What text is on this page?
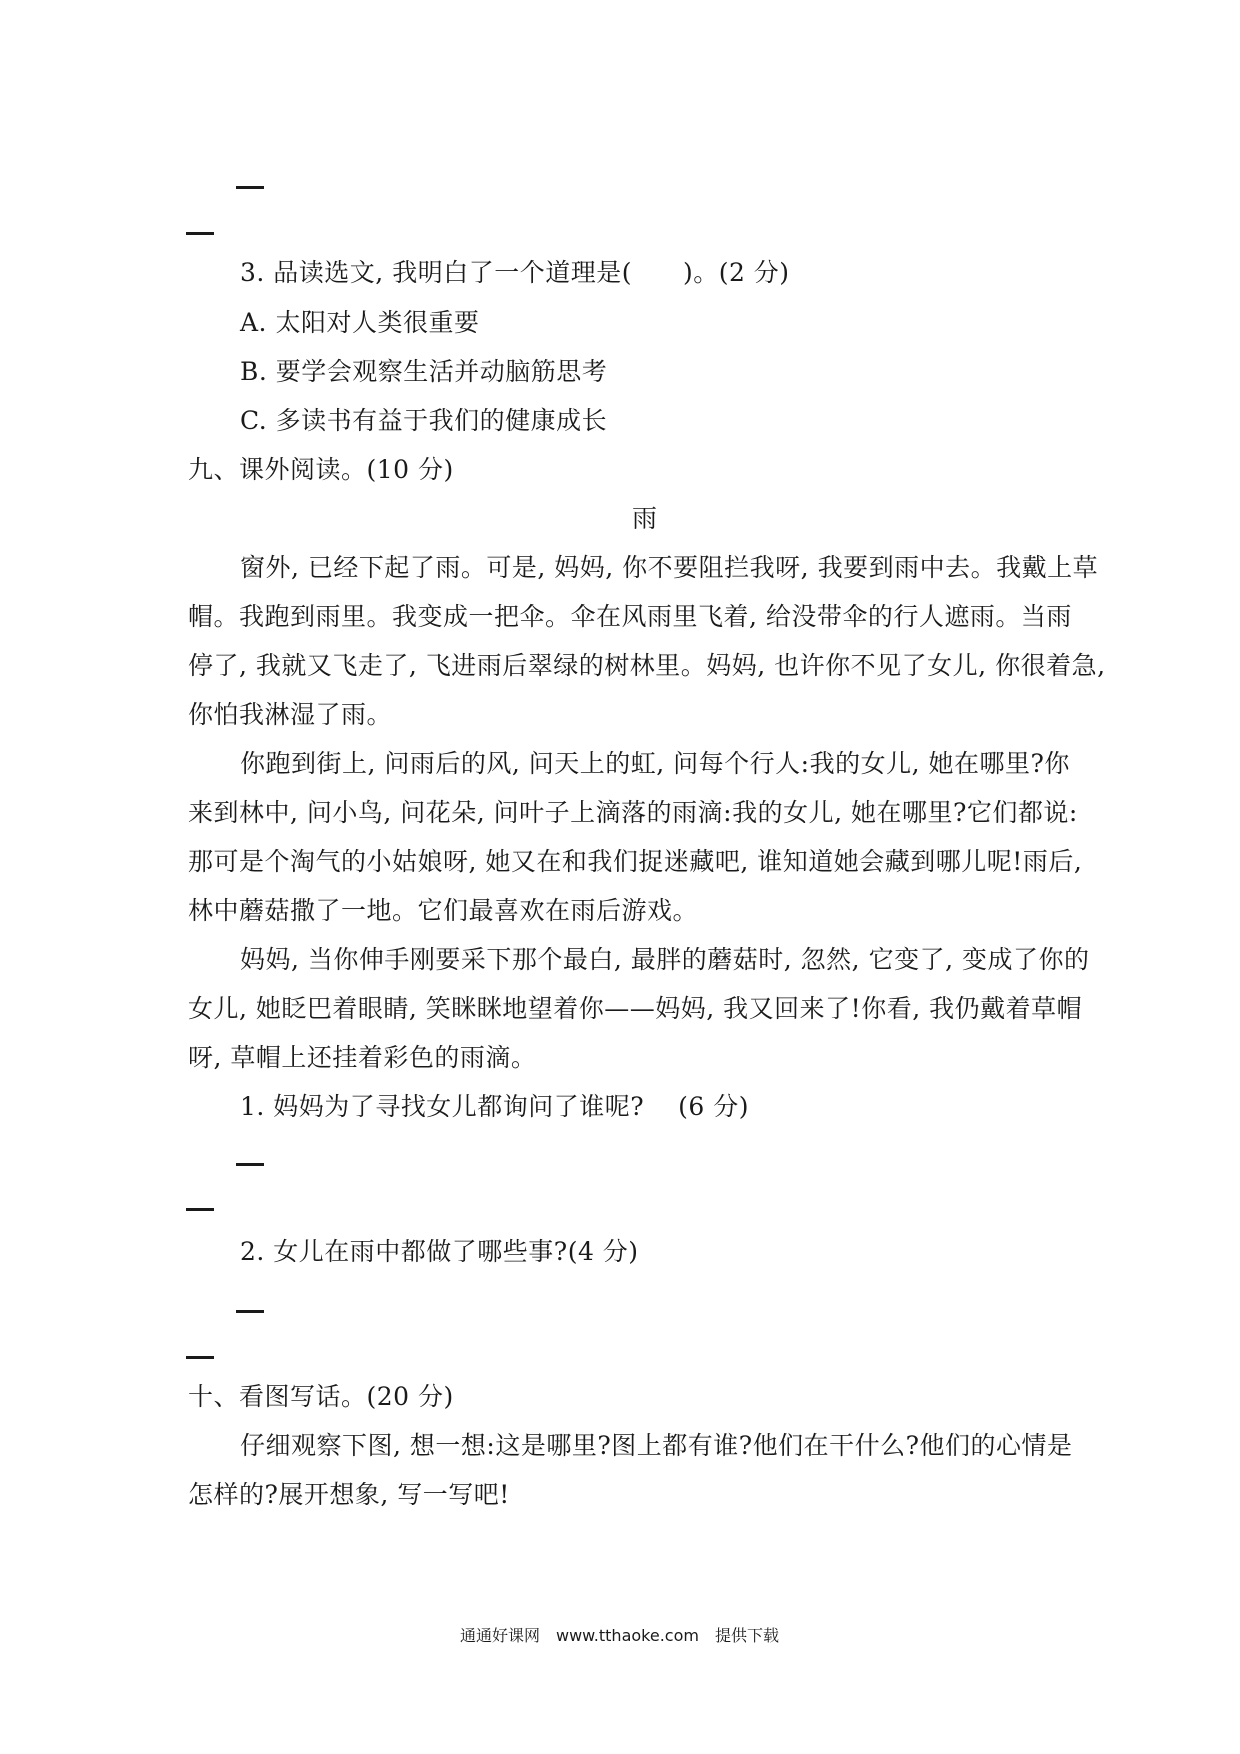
3. 品读选文, 我明白了一个道理是(　　)。(2 分)
A. 太阳对人类很重要
B. 要学会观察生活并动脑筋思考
C. 多读书有益于我们的健康成长
九、课外阅读。(10 分)
雨
窗外, 已经下起了雨。可是, 妈妈, 你不要阻拦我呀, 我要到雨中去。我戴上草
帽。我跑到雨里。我变成一把伞。伞在风雨里飞着, 给没带伞的行人遮雨。当雨
停了, 我就又飞走了, 飞进雨后翠绿的树林里。妈妈, 也许你不见了女儿, 你很着急,
你怕我淋湿了雨。
你跑到街上, 问雨后的风, 问天上的虹, 问每个行人:我的女儿, 她在哪里?你
来到林中, 问小鸟, 问花朵, 问叶子上滴落的雨滴:我的女儿, 她在哪里?它们都说:
那可是个淘气的小姑娘呀, 她又在和我们捉迷藏吧, 谁知道她会藏到哪儿呢!雨后,
林中蘑菇撒了一地。它们最喜欢在雨后游戏。
妈妈, 当你伸手刚要采下那个最白, 最胖的蘑菇时, 忽然, 它变了, 变成了你的
女儿, 她眨巴着眼睛, 笑眯眯地望着你——妈妈, 我又回来了!你看, 我仍戴着草帽
呀, 草帽上还挂着彩色的雨滴。
1. 妈妈为了寻找女儿都询问了谁呢?　 (6 分)
2. 女儿在雨中都做了哪些事?(4 分)
十、看图写话。(20 分)
仔细观察下图, 想一想:这是哪里?图上都有谁?他们在干什么?他们的心情是
怎样的?展开想象, 写一写吧!
通通好课网　www.tthaoke.com　提供下载
